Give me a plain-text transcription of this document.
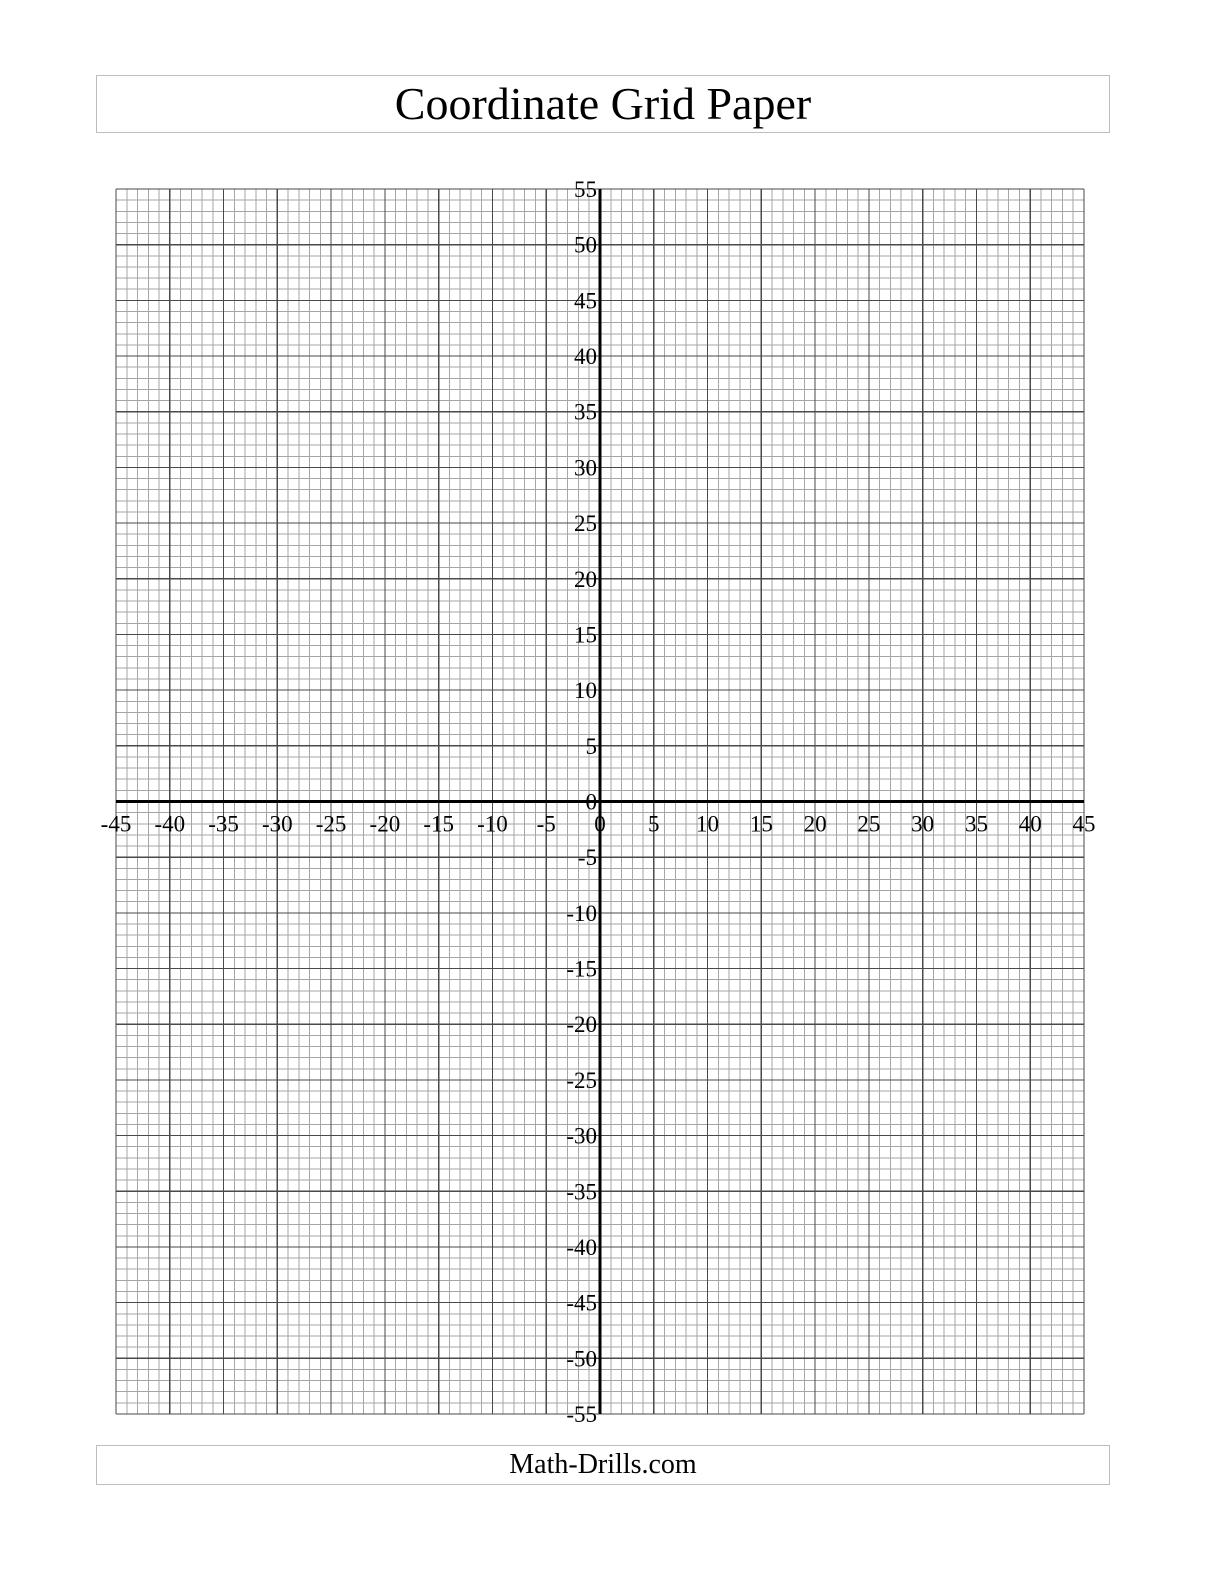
Coordinate Grid Paper
-45 -40 -35 -30 -25 -20 -15 -10 -5 0 5 10 15 20 25 30 35 40 45
55
50
45
40
35
30
25
20
15
10
5
0
-5
-10
-15
-20
-25
-30
-35
-40
-45
-50
-55
Math-Drills.com
